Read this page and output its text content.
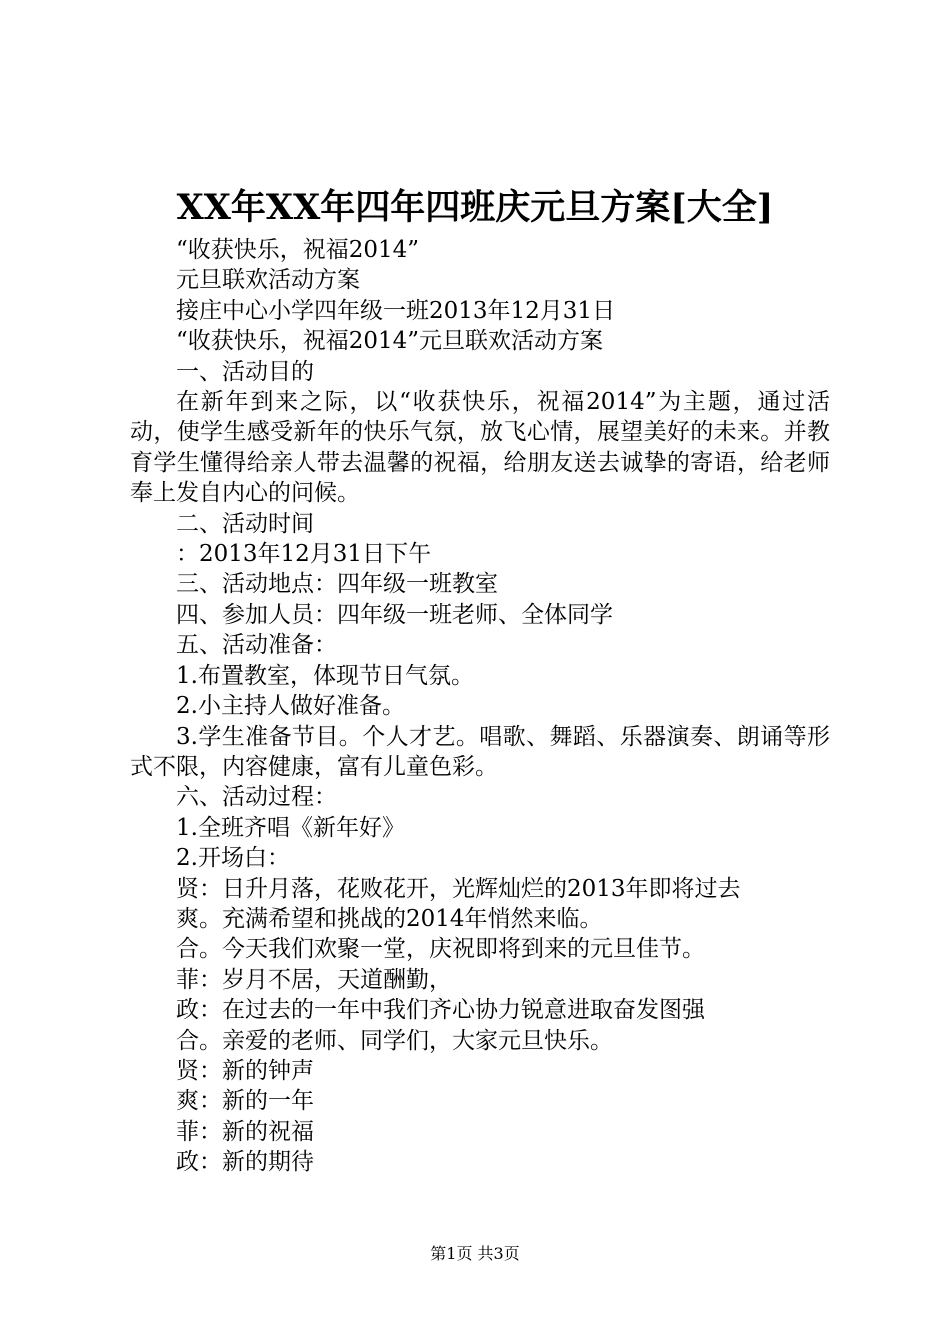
XX年XX年四年四班庆元旦方案[大全]

“收获快乐，祝福2014”

元旦联欢活动方案

接庄中心小学四年级一班2013年12月31日

“收获快乐，祝福2014”元旦联欢活动方案

一、活动目的

在新年到来之际，以“收获快乐，祝福2014”为主题，通过活动，使学生感受新年的快乐气氛，放飞心情，展望美好的未来。并教育学生懂得给亲人带去温馨的祝福，给朋友送去诚挚的寄语，给老师奉上发自内心的问候。

二、活动时间

：2013年12月31日下午

三、活动地点：四年级一班教室

四、参加人员：四年级一班老师、全体同学

五、活动准备：

1.布置教室，体现节日气氛。

2.小主持人做好准备。

3.学生准备节目。个人才艺。唱歌、舞蹈、乐器演奏、朗诵等形式不限，内容健康，富有儿童色彩。

六、活动过程：

1.全班齐唱《新年好》

2.开场白：

贤：日升月落，花败花开，光辉灿烂的2013年即将过去

爽。充满希望和挑战的2014年悄然来临。

合。今天我们欢聚一堂，庆祝即将到来的元旦佳节。

菲：岁月不居，天道酬勤，

政：在过去的一年中我们齐心协力锐意进取奋发图强

合。亲爱的老师、同学们，大家元旦快乐。

贤：新的钟声

爽：新的一年

菲：新的祝福

政：新的期待

第1页 共3页
